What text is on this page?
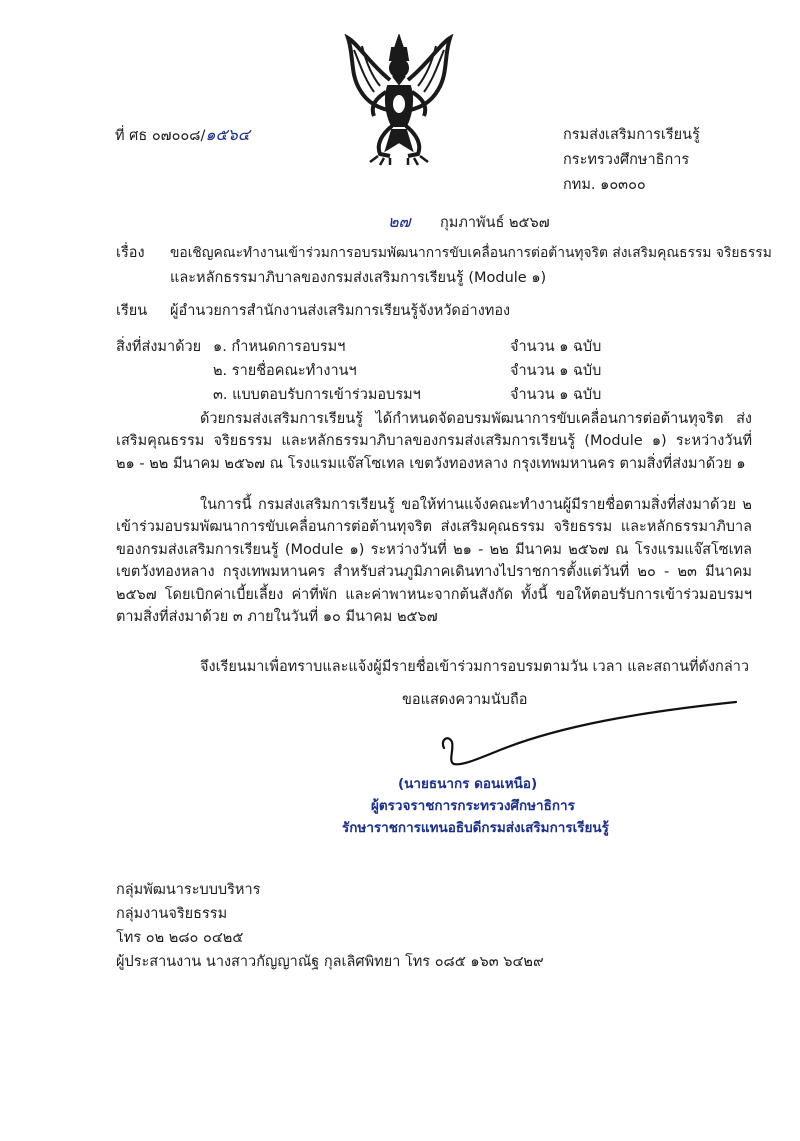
ที่ ศธ ๐๗๐๐๘/๑๕๖๔	กรมส่งเสริมการเรียนรู้
กระทรวงศึกษาธิการ
กทม. ๑๐๓๐๐
๒๗ กุมภาพันธ์ ๒๕๖๗
เรื่อง ขอเชิญคณะทำงานเข้าร่วมการอบรมพัฒนาการขับเคลื่อนการต่อต้านทุจริต ส่งเสริมคุณธรรม จริยธรรม
และหลักธรรมาภิบาลของกรมส่งเสริมการเรียนรู้ (Module ๑)
เรียน ผู้อำนวยการสำนักงานส่งเสริมการเรียนรู้จังหวัดอ่างทอง
สิ่งที่ส่งมาด้วย ๑. กำหนดการอบรมฯ	จำนวน ๑ ฉบับ
๒. รายชื่อคณะทำงานฯ	จำนวน ๑ ฉบับ
๓. แบบตอบรับการเข้าร่วมอบรมฯ	จำนวน ๑ ฉบับ
ด้วยกรมส่งเสริมการเรียนรู้ ได้กำหนดจัดอบรมพัฒนาการขับเคลื่อนการต่อต้านทุจริต ส่งเสริมคุณธรรม จริยธรรม และหลักธรรมาภิบาลของกรมส่งเสริมการเรียนรู้ (Module ๑) ระหว่างวันที่ ๒๑ - ๒๒ มีนาคม ๒๕๖๗ ณ โรงแรมแจ๊สโซเทล เขตวังทองหลาง กรุงเทพมหานคร ตามสิ่งที่ส่งมาด้วย ๑
ในการนี้ กรมส่งเสริมการเรียนรู้ ขอให้ท่านแจ้งคณะทำงานผู้มีรายชื่อตามสิ่งที่ส่งมาด้วย ๒ เข้าร่วมอบรมพัฒนาการขับเคลื่อนการต่อต้านทุจริต ส่งเสริมคุณธรรม จริยธรรม และหลักธรรมาภิบาล ของกรมส่งเสริมการเรียนรู้ (Module ๑) ระหว่างวันที่ ๒๑ - ๒๒ มีนาคม ๒๕๖๗ ณ โรงแรมแจ๊สโซเทล เขตวังทองหลาง กรุงเทพมหานคร สำหรับส่วนภูมิภาคเดินทางไปราชการตั้งแต่วันที่ ๒๐ - ๒๓ มีนาคม ๒๕๖๗ โดยเบิกค่าเบี้ยเลี้ยง ค่าที่พัก และค่าพาหนะจากต้นสังกัด ทั้งนี้ ขอให้ตอบรับการเข้าร่วมอบรมฯ ตามสิ่งที่ส่งมาด้วย ๓ ภายในวันที่ ๑๐ มีนาคม ๒๕๖๗
จึงเรียนมาเพื่อทราบและแจ้งผู้มีรายชื่อเข้าร่วมการอบรมตามวัน เวลา และสถานที่ดังกล่าว
ขอแสดงความนับถือ
(นายธนากร ดอนเหนือ)
ผู้ตรวจราชการกระทรวงศึกษาธิการ
รักษาราชการแทนอธิบดีกรมส่งเสริมการเรียนรู้
กลุ่มพัฒนาระบบบริหาร
กลุ่มงานจริยธรรม
โทร ๐๒ ๒๘๐ ๐๔๒๕
ผู้ประสานงาน นางสาวกัญญาณัฐ กุลเลิศพิทยา โทร ๐๘๕ ๑๖๓ ๖๔๒๙
